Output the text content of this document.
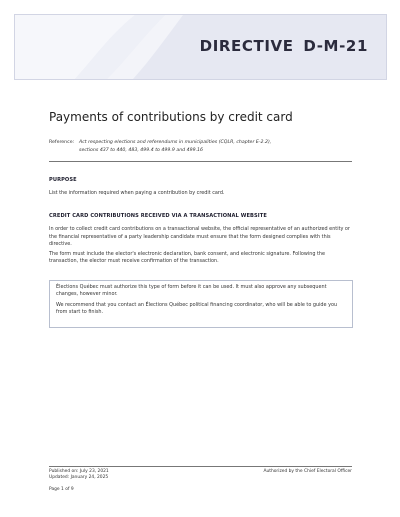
DIRECTIVE D-M-21
Payments of contributions by credit card
Reference: Act respecting elections and referendums in municipalities (CQLR, chapter E-2.2),
sections 437 to 440, 483, 499.4 to 499.9 and 499.16
PURPOSE

List the information required when paying a contribution by credit card.

CREDIT CARD CONTRIBUTIONS RECEIVED VIA A TRANSACTIONAL WEBSITE

In order to collect credit card contributions on a transactional website, the official representative of an authorized entity or the financial representative of a party leadership candidate must ensure that the form designed complies with this directive.

The form must include the elector's electronic declaration, bank consent, and electronic signature. Following the transaction, the elector must receive confirmation of the transaction.

Élections Québec must authorize this type of form before it can be used. It must also approve any subsequent changes, however minor.

We recommend that you contact an Élections Québec political financing coordinator, who will be able to guide you from start to finish.

Published on: July 23, 2021
Updated: January 24, 2025
Authorized by the Chief Electoral Officer
Page 1 of 9
